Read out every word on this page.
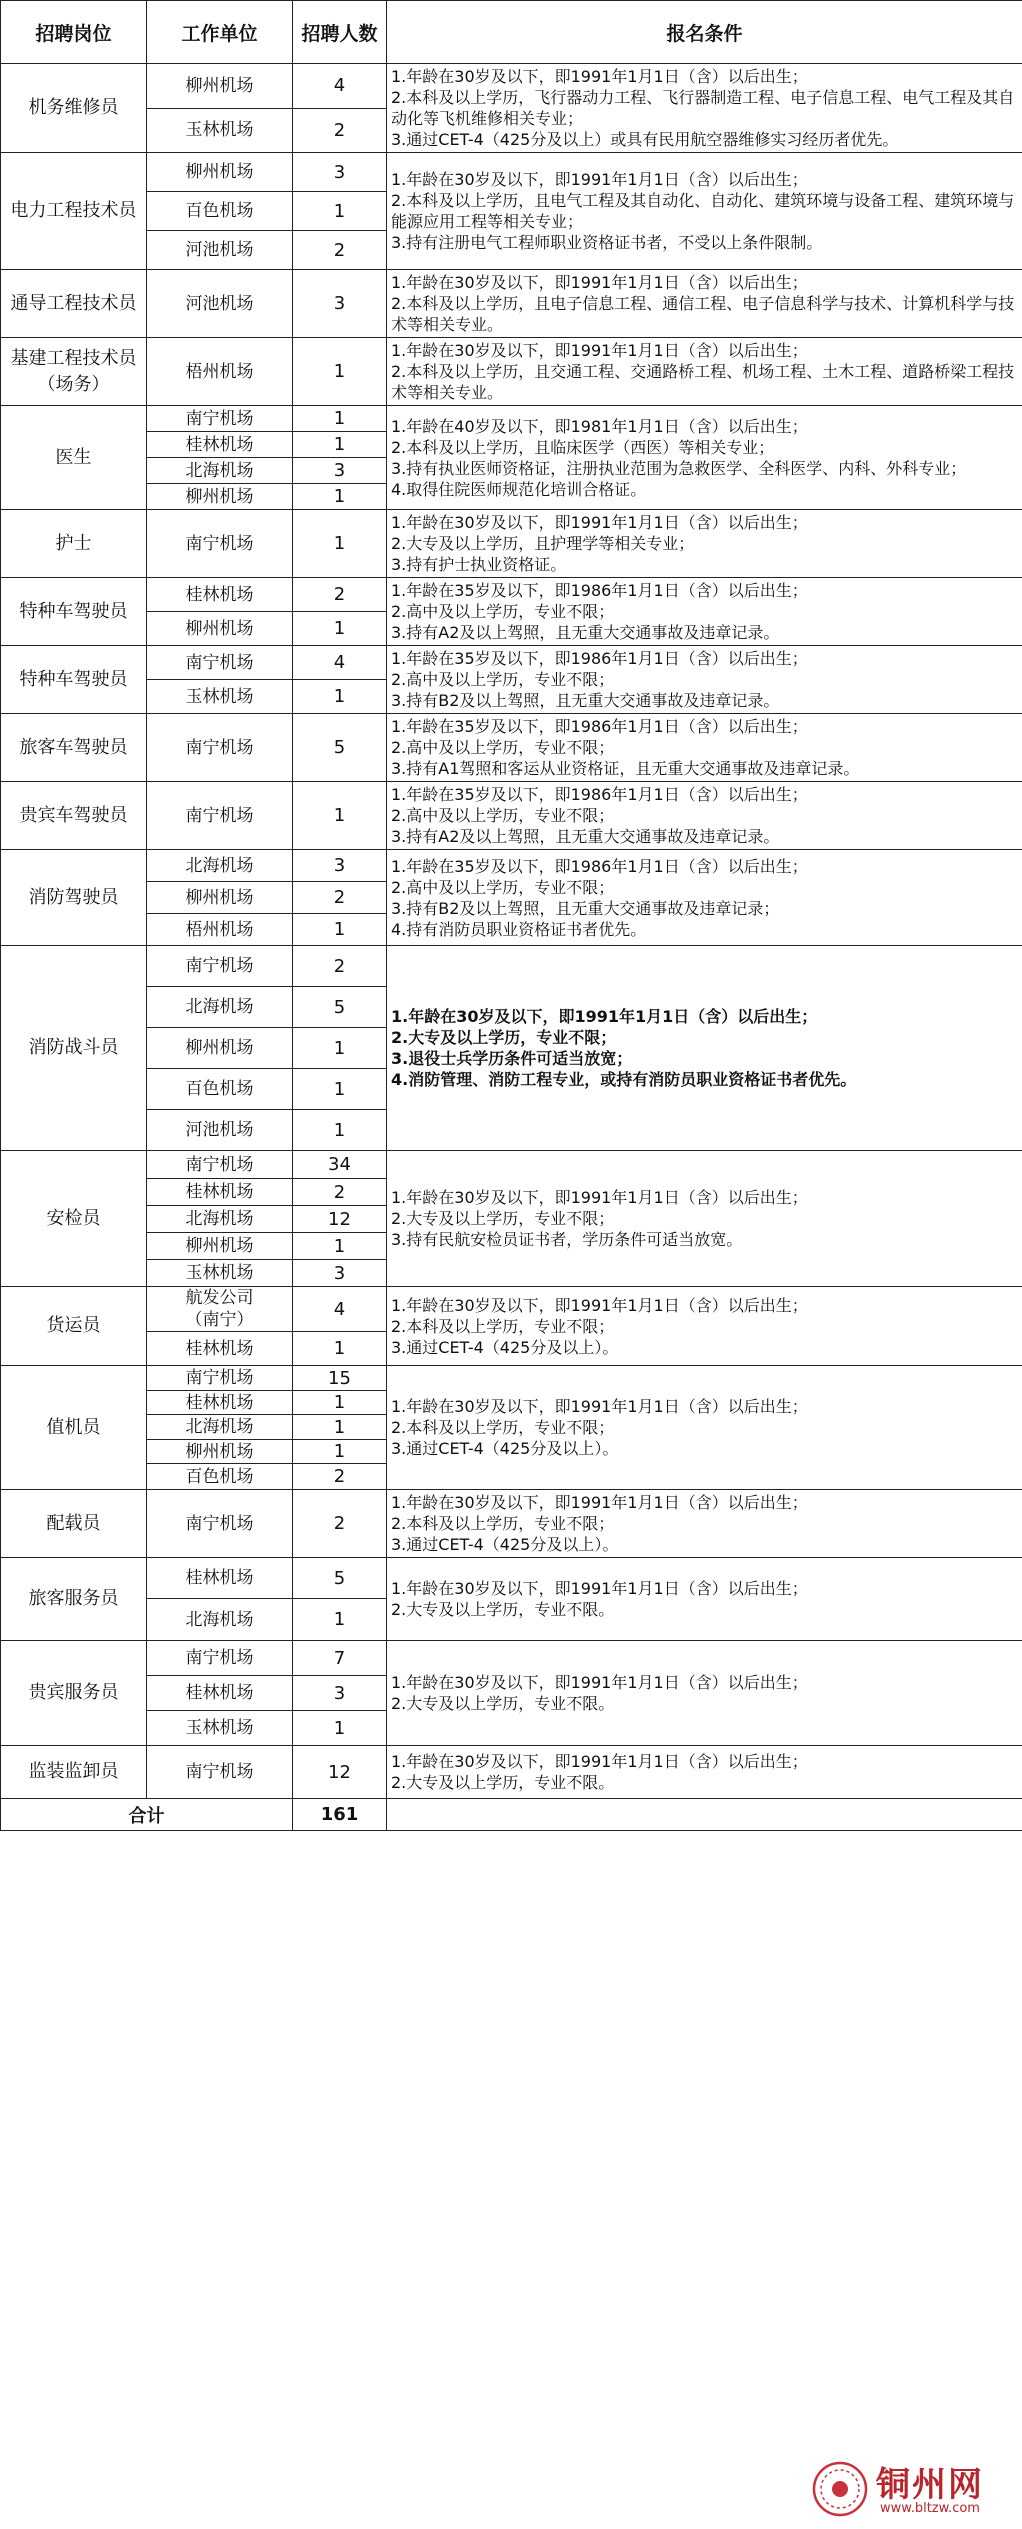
招聘岗位	工作单位	招聘人数	报名条件
机务维修员	柳州机场	4	1.年龄在30岁及以下，即1991年1月1日（含）以后出生；
2.本科及以上学历，飞行器动力工程、飞行器制造工程、电子信息工程、电气工程及其自动化等飞机维修相关专业；
3.通过CET-4（425分及以上）或具有民用航空器维修实习经历者优先。
	玉林机场	2	
电力工程技术员	柳州机场	3	1.年龄在30岁及以下，即1991年1月1日（含）以后出生；
2.本科及以上学历，且电气工程及其自动化、自动化、建筑环境与设备工程、建筑环境与能源应用工程等相关专业；
3.持有注册电气工程师职业资格证书者，不受以上条件限制。
	百色机场	1	
	河池机场	2	
通导工程技术员	河池机场	3	1.年龄在30岁及以下，即1991年1月1日（含）以后出生；
2.本科及以上学历，且电子信息工程、通信工程、电子信息科学与技术、计算机科学与技术等相关专业。
基建工程技术员
（场务）	梧州机场	1	1.年龄在30岁及以下，即1991年1月1日（含）以后出生；
2.本科及以上学历，且交通工程、交通路桥工程、机场工程、土木工程、道路桥梁工程技术等相关专业。
医生	南宁机场	1	1.年龄在40岁及以下，即1981年1月1日（含）以后出生；
2.本科及以上学历，且临床医学（西医）等相关专业；
3.持有执业医师资格证，注册执业范围为急救医学、全科医学、内科、外科专业；
4.取得住院医师规范化培训合格证。
	桂林机场	1	
	北海机场	3	
	柳州机场	1	
护士	南宁机场	1	1.年龄在30岁及以下，即1991年1月1日（含）以后出生；
2.大专及以上学历，且护理学等相关专业；
3.持有护士执业资格证。
特种车驾驶员	桂林机场	2	1.年龄在35岁及以下，即1986年1月1日（含）以后出生；
2.高中及以上学历，专业不限；
3.持有A2及以上驾照，且无重大交通事故及违章记录。
	柳州机场	1	
特种车驾驶员	南宁机场	4	1.年龄在35岁及以下，即1986年1月1日（含）以后出生；
2.高中及以上学历，专业不限；
3.持有B2及以上驾照，且无重大交通事故及违章记录。
	玉林机场	1	
旅客车驾驶员	南宁机场	5	1.年龄在35岁及以下，即1986年1月1日（含）以后出生；
2.高中及以上学历，专业不限；
3.持有A1驾照和客运从业资格证，且无重大交通事故及违章记录。
贵宾车驾驶员	南宁机场	1	1.年龄在35岁及以下，即1986年1月1日（含）以后出生；
2.高中及以上学历，专业不限；
3.持有A2及以上驾照，且无重大交通事故及违章记录。
消防驾驶员	北海机场	3	1.年龄在35岁及以下，即1986年1月1日（含）以后出生；
2.高中及以上学历，专业不限；
3.持有B2及以上驾照，且无重大交通事故及违章记录；
4.持有消防员职业资格证书者优先。
	柳州机场	2	
	梧州机场	1	
消防战斗员	南宁机场	2	1.年龄在30岁及以下，即1991年1月1日（含）以后出生；
2.大专及以上学历，专业不限；
3.退役士兵学历条件可适当放宽；
4.消防管理、消防工程专业，或持有消防员职业资格证书者优先。
	北海机场	5	
	柳州机场	1	
	百色机场	1	
	河池机场	1	
安检员	南宁机场	34	1.年龄在30岁及以下，即1991年1月1日（含）以后出生；
2.大专及以上学历，专业不限；
3.持有民航安检员证书者，学历条件可适当放宽。
	桂林机场	2	
	北海机场	12	
	柳州机场	1	
	玉林机场	3	
货运员	航发公司
（南宁）	4	1.年龄在30岁及以下，即1991年1月1日（含）以后出生；
2.本科及以上学历，专业不限；
3.通过CET-4（425分及以上）。
	桂林机场	1	
值机员	南宁机场	15	1.年龄在30岁及以下，即1991年1月1日（含）以后出生；
2.本科及以上学历，专业不限；
3.通过CET-4（425分及以上）。
	桂林机场	1	
	北海机场	1	
	柳州机场	1	
	百色机场	2	
配载员	南宁机场	2	1.年龄在30岁及以下，即1991年1月1日（含）以后出生；
2.本科及以上学历，专业不限；
3.通过CET-4（425分及以上）。
旅客服务员	桂林机场	5	1.年龄在30岁及以下，即1991年1月1日（含）以后出生；
2.大专及以上学历，专业不限。
	北海机场	1	
贵宾服务员	南宁机场	7	1.年龄在30岁及以下，即1991年1月1日（含）以后出生；
2.大专及以上学历，专业不限。
	桂林机场	3	
	玉林机场	1	
监装监卸员	南宁机场	12	1.年龄在30岁及以下，即1991年1月1日（含）以后出生；
2.大专及以上学历，专业不限。
合计		161	
铜州网
www.bltzw.com
